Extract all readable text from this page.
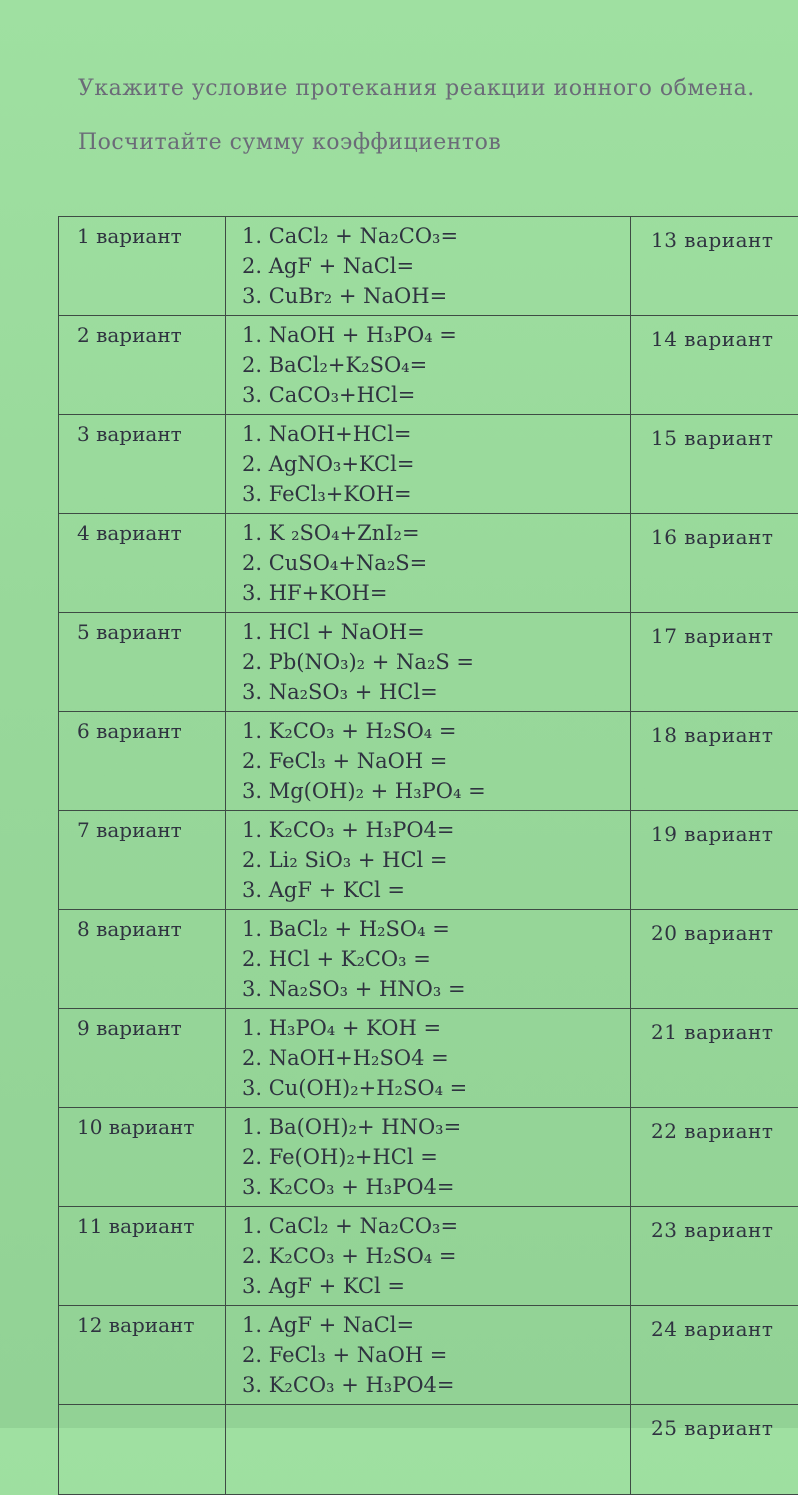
Укажите условие протекания реакции ионного обмена.
Посчитайте сумму коэффициентов
1 вариант	1. CaCl₂ + Na₂CO₃=
2. AgF + NaCl=
3. CuBr₂ + NaOH=	13 вариант
2 вариант	1. NaOH + H₃PO₄ =
2. BaCl₂+K₂SO₄=
3. CaCO₃+HCl=	14 вариант
3 вариант	1. NaOH+HCl=
2. AgNO₃+KCl=
3. FeCl₃+KOH=	15 вариант
4 вариант	1. K ₂SO₄+ZnI₂=
2. CuSO₄+Na₂S=
3. HF+KOH=	16 вариант
5 вариант	1. HCl + NaOH=
2. Pb(NO₃)₂ + Na₂S =
3. Na₂SO₃ + HCl=	17 вариант
6 вариант	1. K₂CO₃ + H₂SO₄ =
2. FeCl₃ + NaOH =
3. Mg(OH)₂ + H₃PO₄ =	18 вариант
7 вариант	1. K₂CO₃ + H₃PO4=
2. Li₂ SiO₃ + HCl =
3. AgF + KCl =	19 вариант
8 вариант	1. BaCl₂ + H₂SO₄ =
2. HCl + K₂CO₃ =
3. Na₂SO₃ + HNO₃ =	20 вариант
9 вариант	1. H₃PO₄ + KOH =
2. NaOH+H₂SO4 =
3. Cu(OH)₂+H₂SO₄ =	21 вариант
10 вариант	1. Ba(OH)₂+ HNO₃=
2. Fe(OH)₂+HCl =
3. K₂CO₃ + H₃PO4=	22 вариант
11 вариант	1. CaCl₂ + Na₂CO₃=
2. K₂CO₃ + H₂SO₄ =
3. AgF + KCl =	23 вариант
12 вариант	1. AgF + NaCl=
2. FeCl₃ + NaOH =
3. K₂CO₃ + H₃PO4=	24 вариант
		25 вариант
